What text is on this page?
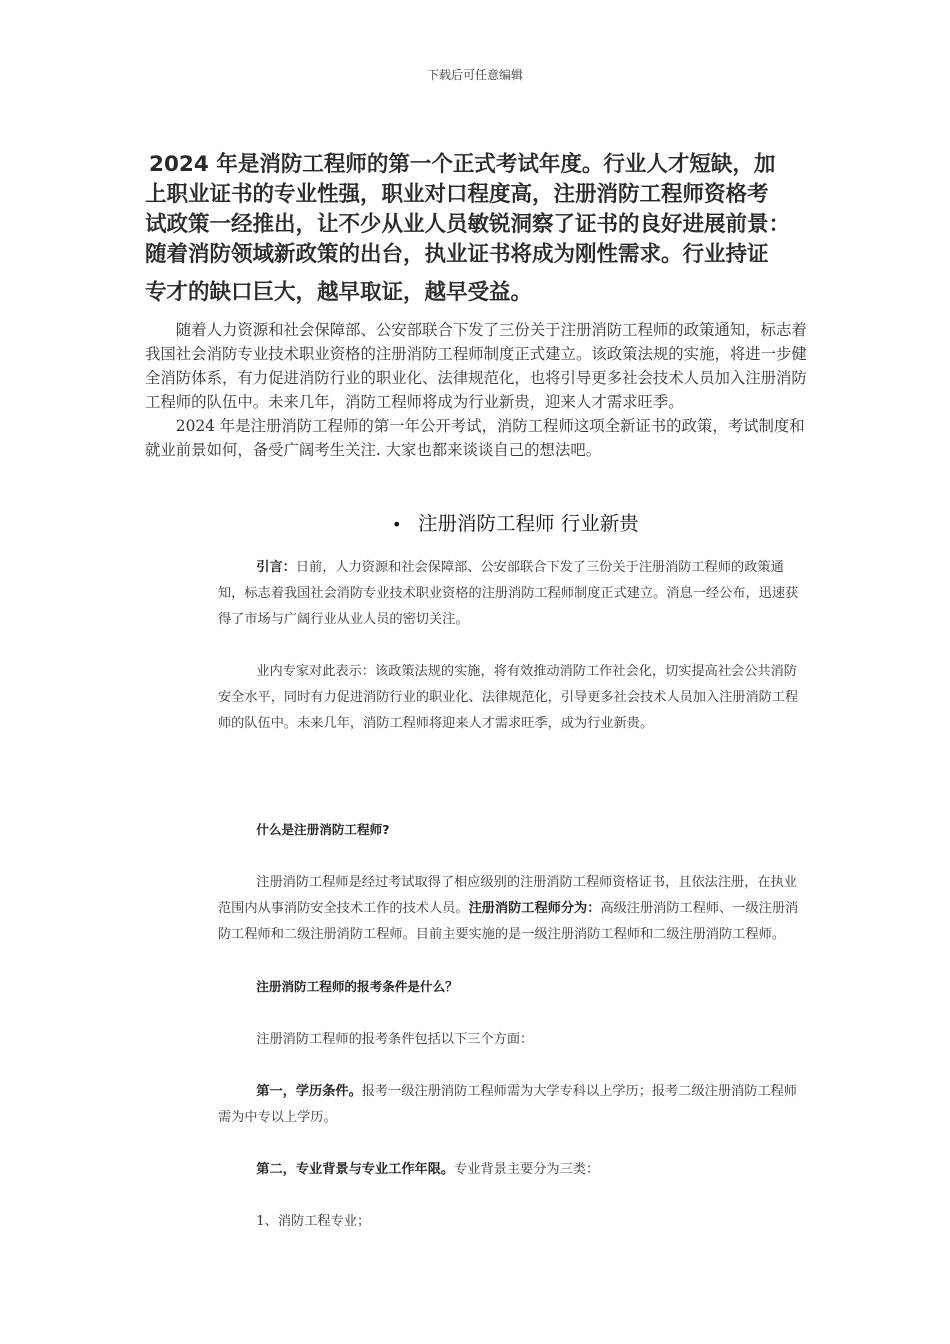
下载后可任意编辑
2024 年是消防工程师的第一个正式考试年度。行业人才短缺，加
上职业证书的专业性强，职业对口程度高，注册消防工程师资格考
试政策一经推出，让不少从业人员敏锐洞察了证书的良好进展前景：
随着消防领域新政策的出台，执业证书将成为刚性需求。行业持证
专才的缺口巨大，越早取证，越早受益。

随着人力资源和社会保障部、公安部联合下发了三份关于注册消防工程师的政策通知，标志着我国社会消防专业技术职业资格的注册消防工程师制度正式建立。该政策法规的实施，将进一步健全消防体系，有力促进消防行业的职业化、法律规范化，也将引导更多社会技术人员加入注册消防工程师的队伍中。未来几年，消防工程师将成为行业新贵，迎来人才需求旺季。

2024 年是注册消防工程师的第一年公开考试，消防工程师这项全新证书的政策，考试制度和就业前景如何，备受广阔考生关注. 大家也都来谈谈自己的想法吧。

• 注册消防工程师 行业新贵

引言：日前，人力资源和社会保障部、公安部联合下发了三份关于注册消防工程师的政策通知，标志着我国社会消防专业技术职业资格的注册消防工程师制度正式建立。消息一经公布，迅速获得了市场与广阔行业从业人员的密切关注。

业内专家对此表示：该政策法规的实施，将有效推动消防工作社会化，切实提高社会公共消防安全水平，同时有力促进消防行业的职业化、法律规范化，引导更多社会技术人员加入注册消防工程师的队伍中。未来几年，消防工程师将迎来人才需求旺季，成为行业新贵。

什么是注册消防工程师?

注册消防工程师是经过考试取得了相应级别的注册消防工程师资格证书，且依法注册，在执业范围内从事消防安全技术工作的技术人员。注册消防工程师分为：高级注册消防工程师、一级注册消防工程师和二级注册消防工程师。目前主要实施的是一级注册消防工程师和二级注册消防工程师。

注册消防工程师的报考条件是什么？

注册消防工程师的报考条件包括以下三个方面：

第一，学历条件。报考一级注册消防工程师需为大学专科以上学历；报考二级注册消防工程师需为中专以上学历。

第二，专业背景与专业工作年限。专业背景主要分为三类：

1、消防工程专业；
